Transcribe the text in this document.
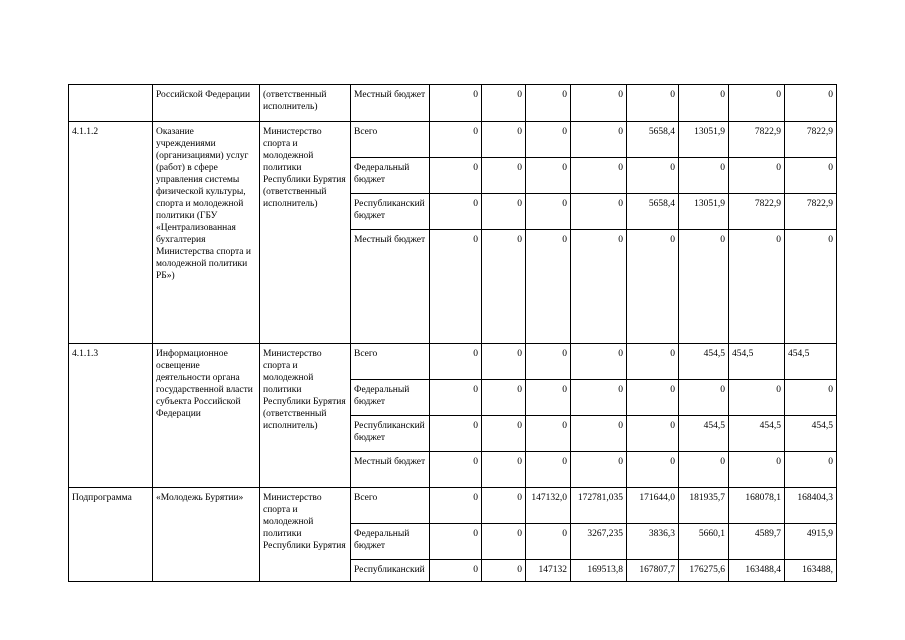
	Российской Федерации	(ответственный исполнитель)	Местный бюджет	0	0	0	0	0	0	0	0
4.1.1.2	Оказание учреждениями (организациями) услуг (работ) в сфере управления системы физической культуры, спорта и молодежной политики (ГБУ «Централизованная бухгалтерия Министерства спорта и молодежной политики РБ»)	Министерство спорта и молодежной политики Республики Бурятия (ответственный исполнитель)	Всего	0	0	0	0	5658,4	13051,9	7822,9	7822,9
			Федеральный бюджет	0	0	0	0	0	0	0	0
			Республиканский бюджет	0	0	0	0	5658,4	13051,9	7822,9	7822,9
			Местный бюджет	0	0	0	0	0	0	0	0
4.1.1.3	Информационное освещение деятельности органа государственной власти субъекта Российской Федерации	Министерство спорта и молодежной политики Республики Бурятия (ответственный исполнитель)	Всего	0	0	0	0	0	454,5	454,5	454,5
			Федеральный бюджет	0	0	0	0	0	0	0	0
			Республиканский бюджет	0	0	0	0	0	454,5	454,5	454,5
			Местный бюджет	0	0	0	0	0	0	0	0
Подпрограмма	«Молодежь Бурятии»	Министерство спорта и молодежной политики Республики Бурятия	Всего	0	0	147132,0	172781,035	171644,0	181935,7	168078,1	168404,3
			Федеральный бюджет	0	0	0	3267,235	3836,3	5660,1	4589,7	4915,9
			Республиканский	0	0	147132	169513,8	167807,7	176275,6	163488,4	163488,
